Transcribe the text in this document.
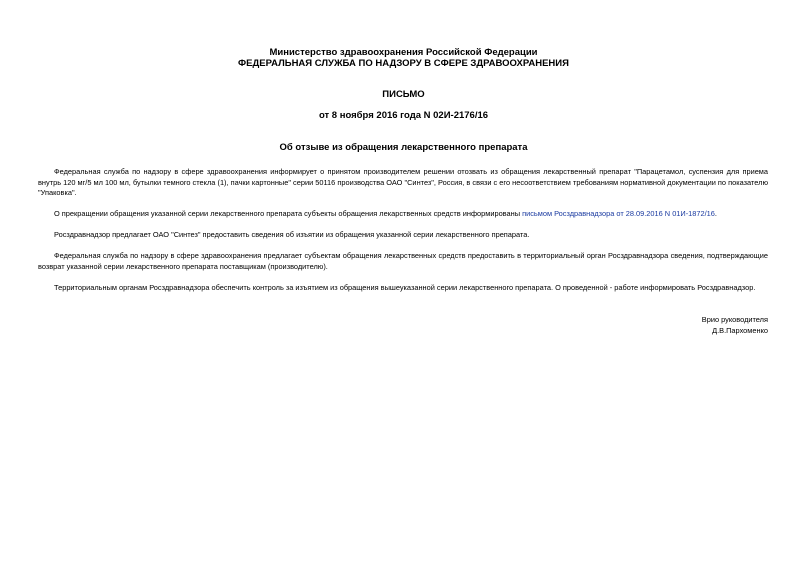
Министерство здравоохранения Российской Федерации
ФЕДЕРАЛЬНАЯ СЛУЖБА ПО НАДЗОРУ В СФЕРЕ ЗДРАВООХРАНЕНИЯ
ПИСЬМО
от 8 ноября 2016 года N 02И-2176/16
Об отзыве из обращения лекарственного препарата

Федеральная служба по надзору в сфере здравоохранения информирует о принятом производителем решении отозвать из обращения лекарственный препарат "Парацетамол, суспензия для приема внутрь 120 мг/5 мл 100 мл, бутылки темного стекла (1), пачки картонные" серии 50116 производства ОАО "Синтез", Россия, в связи с его несоответствием требованиям нормативной документации по показателю "Упаковка".

О прекращении обращения указанной серии лекарственного препарата субъекты обращения лекарственных средств информированы письмом Росздравнадзора от 28.09.2016 N 01И-1872/16.

Росздравнадзор предлагает ОАО "Синтез" предоставить сведения об изъятии из обращения указанной серии лекарственного препарата.

Федеральная служба по надзору в сфере здравоохранения предлагает субъектам обращения лекарственных средств предоставить в территориальный орган Росздравнадзора сведения, подтверждающие возврат указанной серии лекарственного препарата поставщикам (производителю).

Территориальным органам Росздравнадзора обеспечить контроль за изъятием из обращения вышеуказанной серии лекарственного препарата. О проведенной - работе информировать Росздравнадзор.

Врио руководителя
Д.В.Пархоменко
